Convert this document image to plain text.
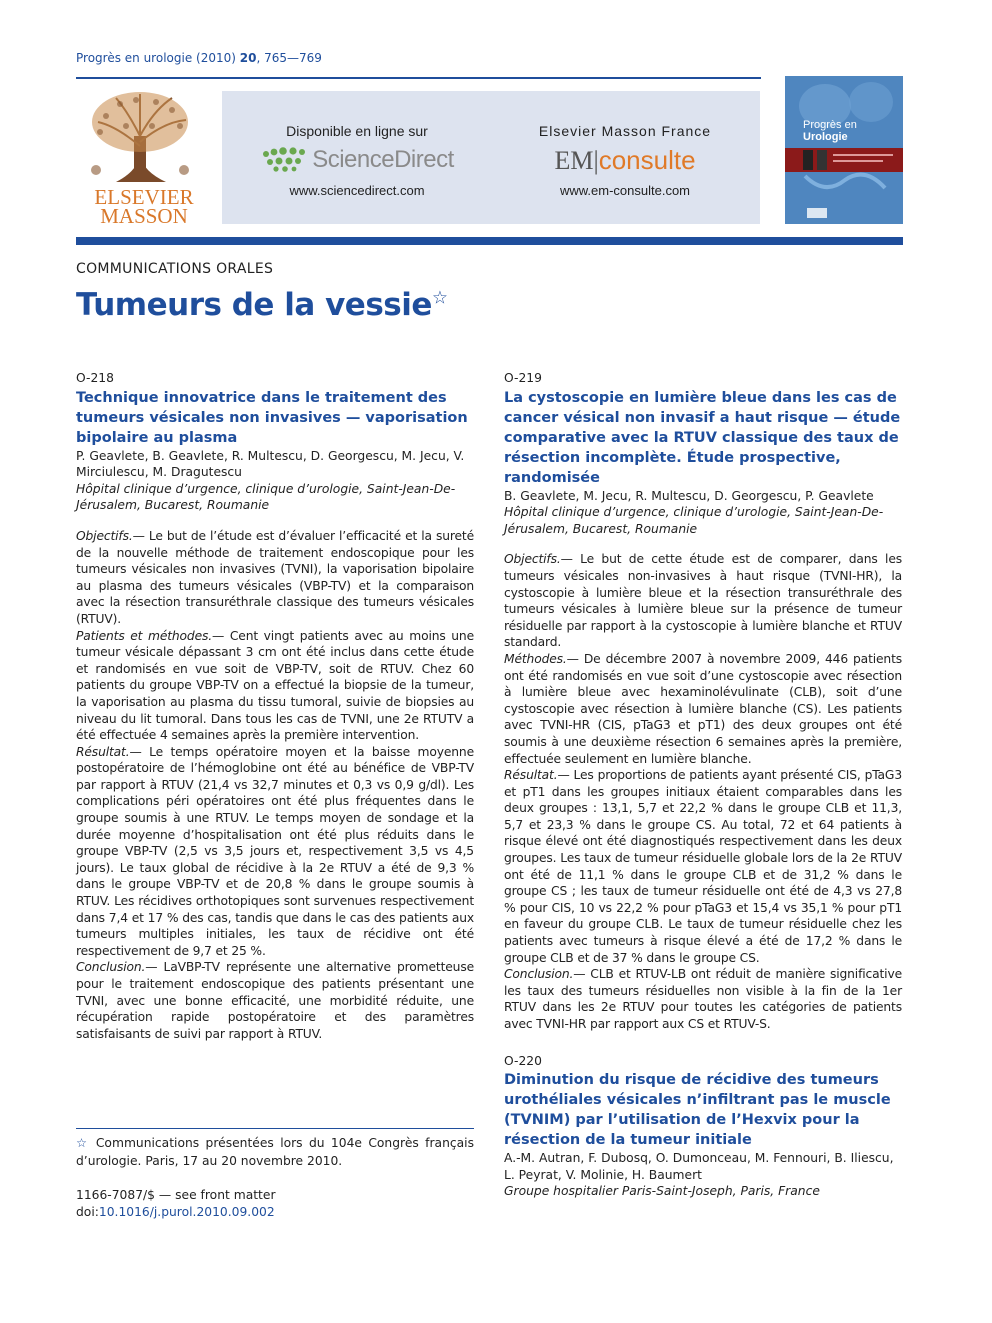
Progrès en urologie (2010) 20, 765—769
ELSEVIER
MASSON
Disponible en ligne sur
ScienceDirect
www.sciencedirect.com
Elsevier Masson France
EM|consulte
www.em-consulte.com
Progrès en
Urologie
COMMUNICATIONS ORALES
Tumeurs de la vessie☆
O-218
Technique innovatrice dans le traitement des tumeurs vésicales non invasives — vaporisation bipolaire au plasma
P. Geavlete, B. Geavlete, R. Multescu, D. Georgescu, M. Jecu, V. Mirciulescu, M. Dragutescu
Hôpital clinique d’urgence, clinique d’urologie, Saint-Jean-De-Jérusalem, Bucarest, Roumanie

Objectifs.— Le but de l’étude est d’évaluer l’efficacité et la sureté de la nouvelle méthode de traitement endoscopique pour les tumeurs vésicales non invasives (TVNI), la vaporisation bipolaire au plasma des tumeurs vésicales (VBP-TV) et la comparaison avec la résection transuréthrale classique des tumeurs vésicales (RTUV).

Patients et méthodes.— Cent vingt patients avec au moins une tumeur vésicale dépassant 3 cm ont été inclus dans cette étude et randomisés en vue soit de VBP-TV, soit de RTUV. Chez 60 patients du groupe VBP-TV on a effectué la biopsie de la tumeur, la vaporisation au plasma du tissu tumoral, suivie de biopsies au niveau du lit tumoral. Dans tous les cas de TVNI, une 2e RTUTV a été effectuée 4 semaines après la première intervention.

Résultat.— Le temps opératoire moyen et la baisse moyenne postopératoire de l’hémoglobine ont été au bénéfice de VBP-TV par rapport à RTUV (21,4 vs 32,7 minutes et 0,3 vs 0,9 g/dl). Les complications péri opératoires ont été plus fréquentes dans le groupe soumis à une RTUV. Le temps moyen de sondage et la durée moyenne d’hospitalisation ont été plus réduits dans le groupe VBP-TV (2,5 vs 3,5 jours et, respectivement 3,5 vs 4,5 jours). Le taux global de récidive à la 2e RTUV a été de 9,3 % dans le groupe VBP-TV et de 20,8 % dans le groupe soumis à RTUV. Les récidives orthotopiques sont survenues respectivement dans 7,4 et 17 % des cas, tandis que dans le cas des patients aux tumeurs multiples initiales, les taux de récidive ont été respectivement de 9,7 et 25 %.

Conclusion.— LaVBP-TV représente une alternative prometteuse pour le traitement endoscopique des patients présentant une TVNI, avec une bonne efficacité, une morbidité réduite, une récupération rapide postopératoire et des paramètres satisfaisants de suivi par rapport à RTUV.

O-219
La cystoscopie en lumière bleue dans les cas de cancer vésical non invasif a haut risque — étude comparative avec la RTUV classique des taux de résection incomplète. Étude prospective, randomisée
B. Geavlete, M. Jecu, R. Multescu, D. Georgescu, P. Geavlete
Hôpital clinique d’urgence, clinique d’urologie, Saint-Jean-De-Jérusalem, Bucarest, Roumanie

Objectifs.— Le but de cette étude est de comparer, dans les tumeurs vésicales non-invasives à haut risque (TVNI-HR), la cystoscopie à lumière bleue et la résection transuréthrale des tumeurs vésicales à lumière bleue sur la présence de tumeur résiduelle par rapport à la cystoscopie à lumière blanche et RTUV standard.

Méthodes.— De décembre 2007 à novembre 2009, 446 patients ont été randomisés en vue soit d’une cystoscopie avec résection à lumière bleue avec hexaminolévulinate (CLB), soit d’une cystoscopie avec résection à lumière blanche (CS). Les patients avec TVNI-HR (CIS, pTaG3 et pT1) des deux groupes ont été soumis à une deuxième résection 6 semaines après la première, effectuée seulement en lumière blanche.

Résultat.— Les proportions de patients ayant présenté CIS, pTaG3 et pT1 dans les groupes initiaux étaient comparables dans les deux groupes : 13,1, 5,7 et 22,2 % dans le groupe CLB et 11,3, 5,7 et 23,3 % dans le groupe CS. Au total, 72 et 64 patients à risque élevé ont été diagnostiqués respectivement dans les deux groupes. Les taux de tumeur résiduelle globale lors de la 2e RTUV ont été de 11,1 % dans le groupe CLB et de 31,2 % dans le groupe CS ; les taux de tumeur résiduelle ont été de 4,3 vs 27,8 % pour CIS, 10 vs 22,2 % pour pTaG3 et 15,4 vs 35,1 % pour pT1 en faveur du groupe CLB. Le taux de tumeur résiduelle chez les patients avec tumeurs à risque élevé a été de 17,2 % dans le groupe CLB et de 37 % dans le groupe CS.

Conclusion.— CLB et RTUV-LB ont réduit de manière significative les taux des tumeurs résiduelles non visible à la fin de la 1er RTUV dans les 2e RTUV pour toutes les catégories de patients avec TVNI-HR par rapport aux CS et RTUV-S.

O-220
Diminution du risque de récidive des tumeurs urothéliales vésicales n’infiltrant pas le muscle (TVNIM) par l’utilisation de l’Hexvix pour la résection de la tumeur initiale
A.-M. Autran, F. Dubosq, O. Dumonceau, M. Fennouri, B. Iliescu, L. Peyrat, V. Molinie, H. Baumert
Groupe hospitalier Paris-Saint-Joseph, Paris, France
☆ Communications présentées lors du 104e Congrès français d’urologie. Paris, 17 au 20 novembre 2010.
1166-7087/$ — see front matter
doi:10.1016/j.purol.2010.09.002
